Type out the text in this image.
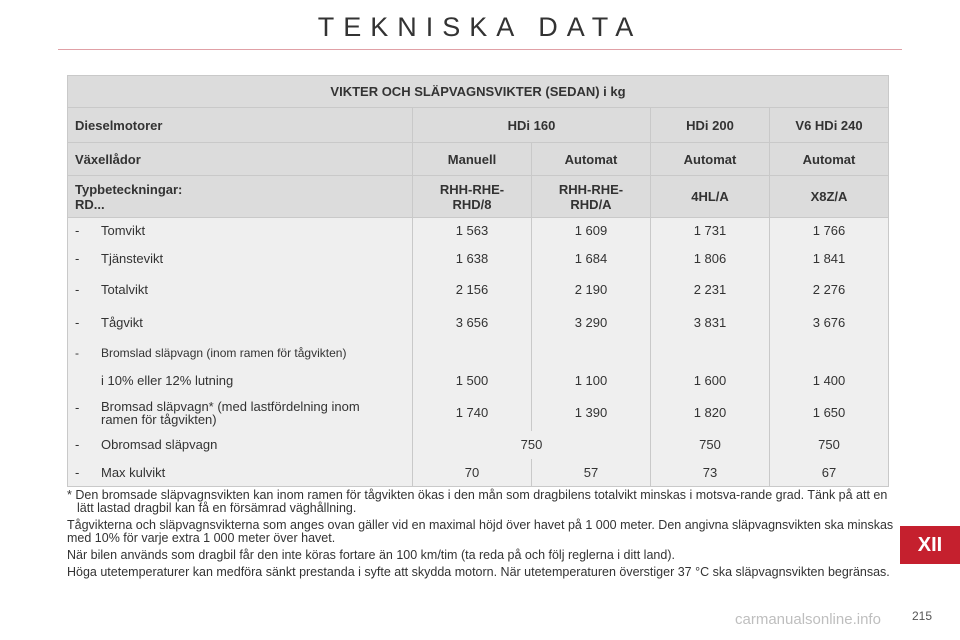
TEKNISKA DATA
VIKTER OCH SLÄPVAGNSVIKTER (SEDAN) i kg				
Dieselmotorer	HDi 160		HDi 200	V6 HDi 240
Växellådor	Manuell	Automat	Automat	Automat

Typbeteckningar:
RD...	RHH-RHE-RHD/8	RHH-RHE-RHD/A	4HL/A	X8Z/A
- Tomvikt	1 563	1 609	1 731	1 766
- Tjänstevikt	1 638	1 684	1 806	1 841
- Totalvikt	2 156	2 190	2 231	2 276
- Tågvikt	3 656	3 290	3 831	3 676
- Bromslad släpvagn (inom ramen för tågvikten)				
i 10% eller 12% lutning	1 500	1 100	1 600	1 400

- Bromsad släpvagn* (med lastfördelning inom ramen för tågvikten)	1 740	1 390	1 820	1 650
- Obromsad släpvagn	750		750	750
- Max kulvikt	70	57	73	67

* Den bromsade släpvagnsvikten kan inom ramen för tågvikten ökas i den mån som dragbilens totalvikt minskas i motsva-rande grad. Tänk på att en lätt lastad dragbil kan få en försämrad väghållning.

Tågvikterna och släpvagnsvikterna som anges ovan gäller vid en maximal höjd över havet på 1 000 meter. Den angivna släpvagnsvikten ska minskas med 10% för varje extra 1 000 meter över havet.

När bilen används som dragbil får den inte köras fortare än 100 km/tim (ta reda på och följ reglerna i ditt land).

Höga utetemperaturer kan medföra sänkt prestanda i syfte att skydda motorn. När utetemperaturen överstiger 37 °C ska släpvagnsvikten begränsas.

XII
215
carmanualsonline.info
